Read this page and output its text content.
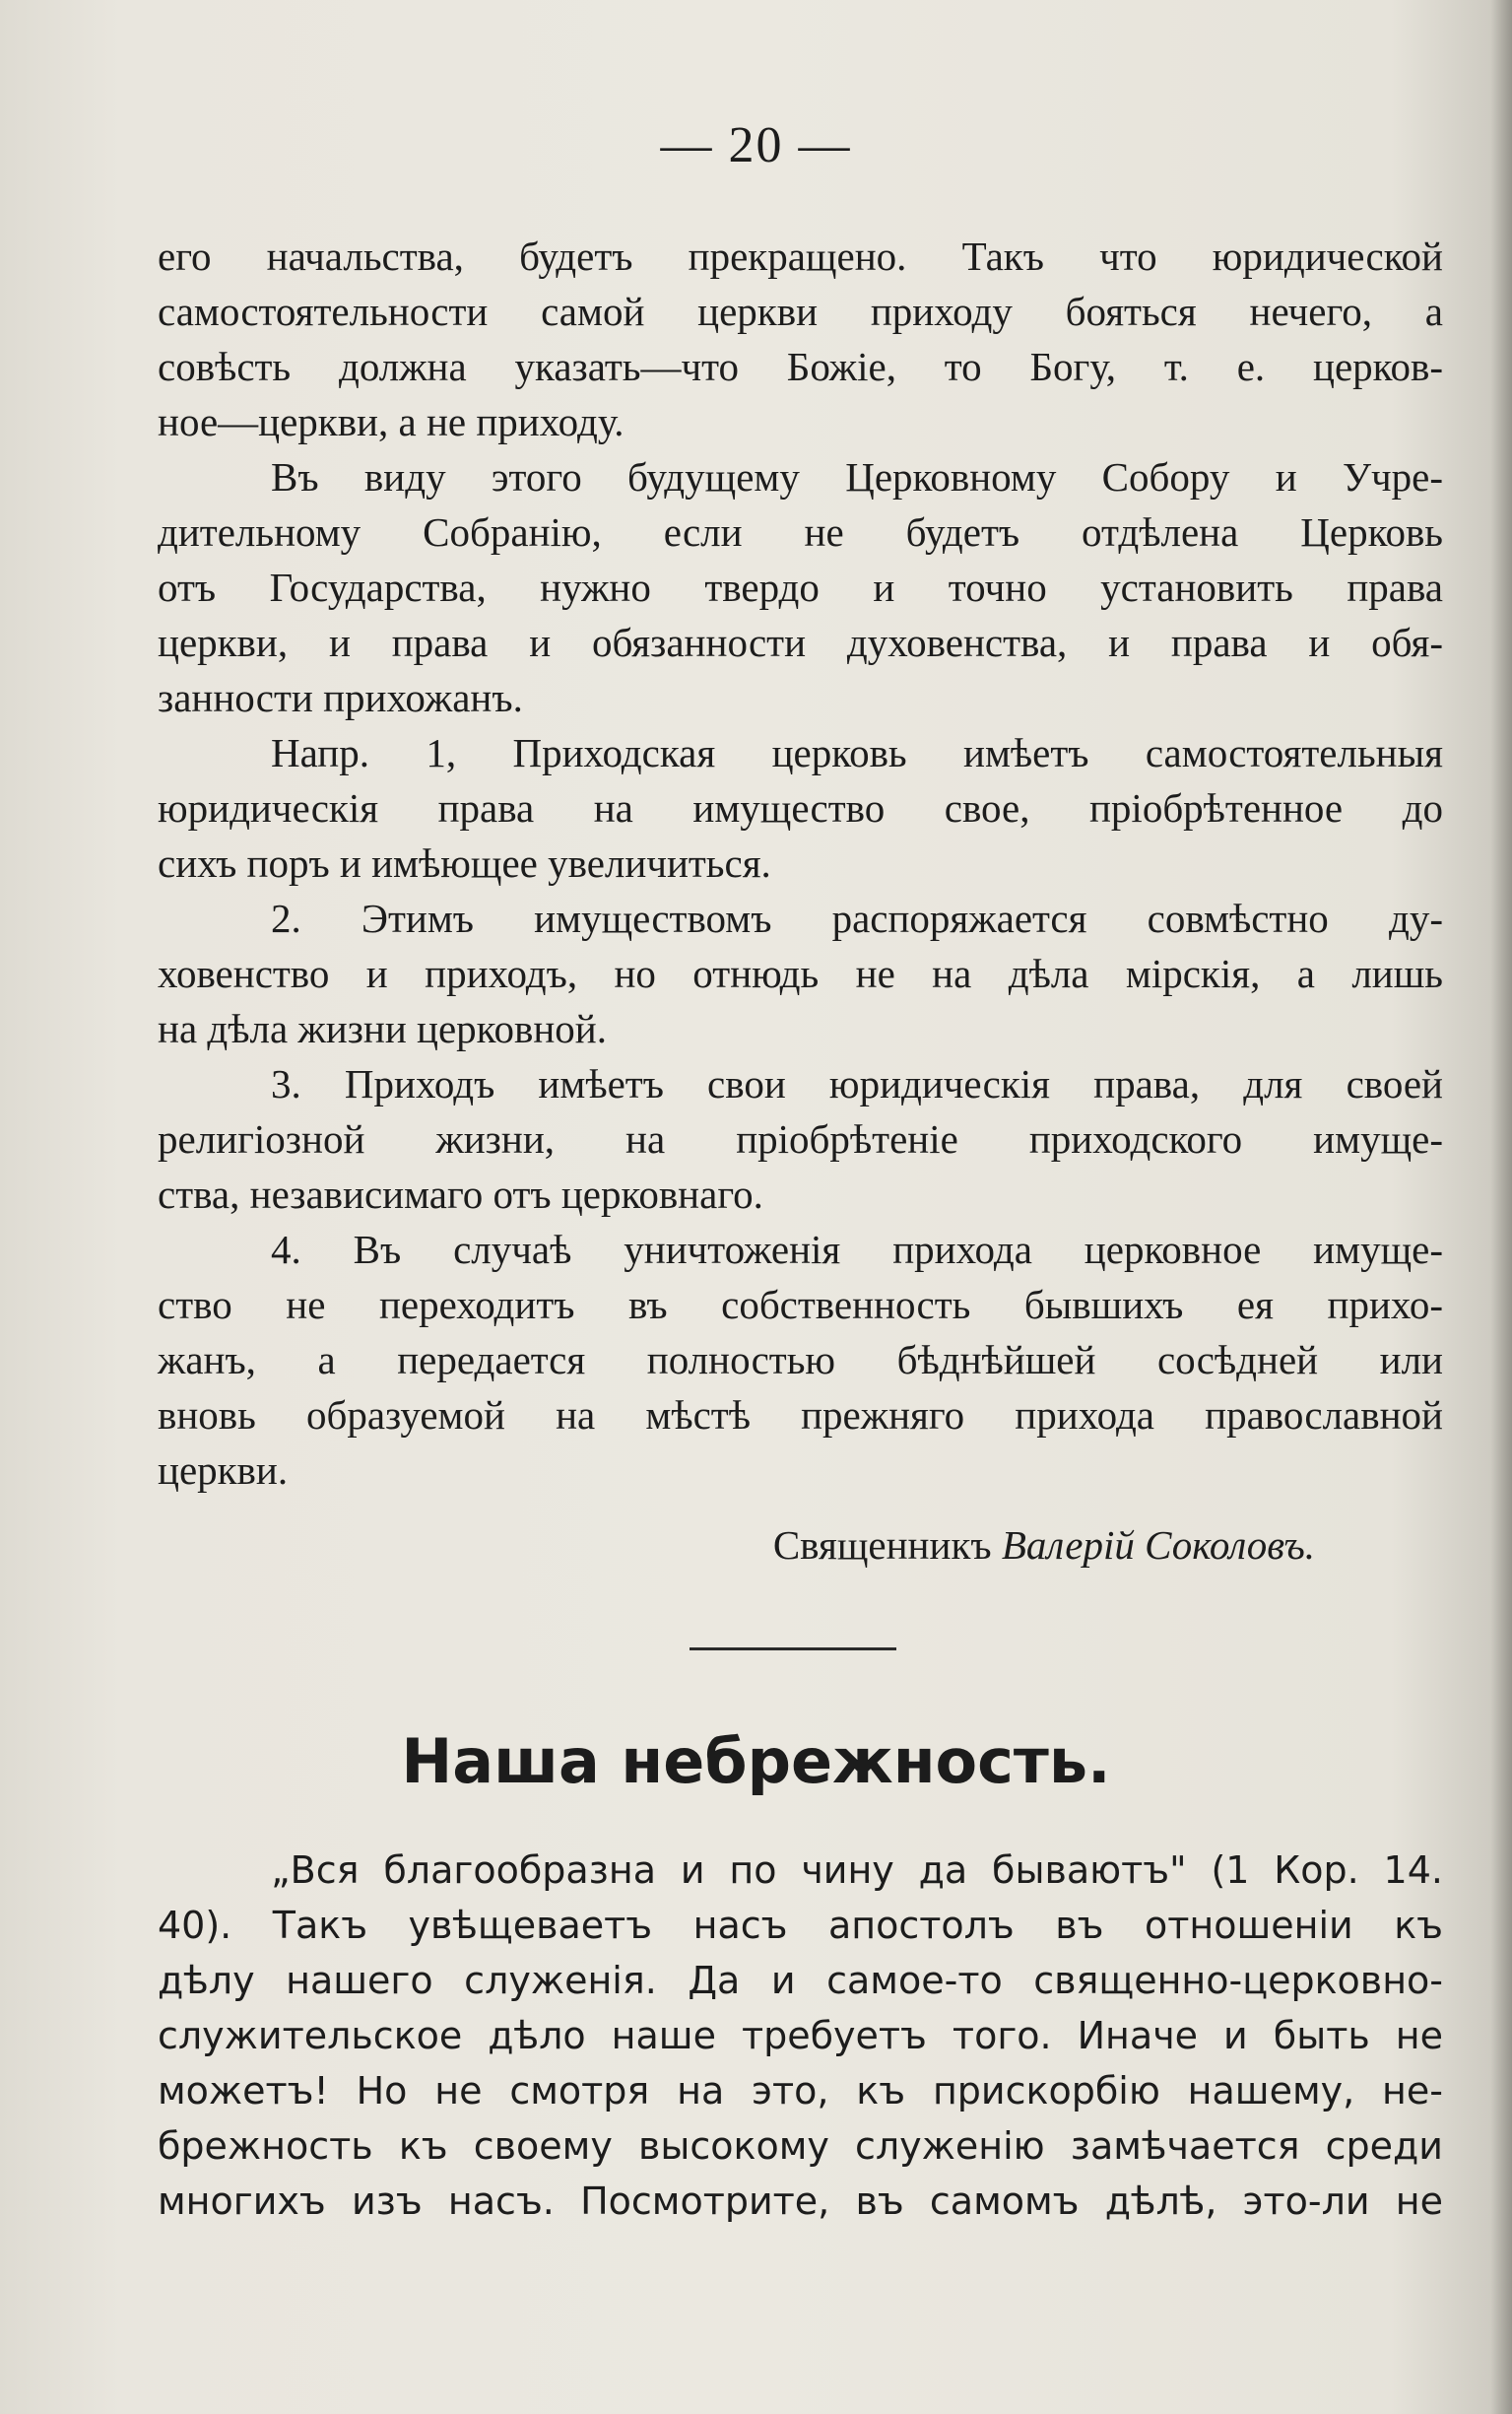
— 20 —
его начальства, будетъ прекращено. Такъ что юридической
самостоятельности самой церкви приходу бояться нечего, а
совѣсть должна указать—что Божіе, то Богу, т. е. церков-
ное—церкви, а не приходу.
Въ виду этого будущему Церковному Собору и Учре-
дительному Собранію, если не будетъ отдѣлена Церковь
отъ Государства, нужно твердо и точно установить права
церкви, и права и обязанности духовенства, и права и обя-
занности прихожанъ.
Напр. 1, Приходская церковь имѣетъ самостоятельныя
юридическія права на имущество свое, пріобрѣтенное до
сихъ поръ и имѣющее увеличиться.
2. Этимъ имуществомъ распоряжается совмѣстно ду-
ховенство и приходъ, но отнюдь не на дѣла мірскія, а лишь
на дѣла жизни церковной.
3. Приходъ имѣетъ свои юридическія права, для своей
религіозной жизни, на пріобрѣтеніе приходского имуще-
ства, независимаго отъ церковнаго.
4. Въ случаѣ уничтоженія прихода церковное имуще-
ство не переходитъ въ собственность бывшихъ ея прихо-
жанъ, а передается полностью бѣднѣйшей сосѣдней или
вновь образуемой на мѣстѣ прежняго прихода православной
церкви.
Священникъ Валерій Соколовъ.
Наша небрежность.
„Вся благообразна и по чину да бываютъ" (1 Кор. 14.
40). Такъ увѣщеваетъ насъ апостолъ въ отношеніи къ
дѣлу нашего служенія. Да и самое-то священно-церковно-
служительское дѣло наше требуетъ того. Иначе и быть не
можетъ! Но не смотря на это, къ прискорбію нашему, не-
брежность къ своему высокому служенію замѣчается среди
многихъ изъ насъ. Посмотрите, въ самомъ дѣлѣ, это-ли не
